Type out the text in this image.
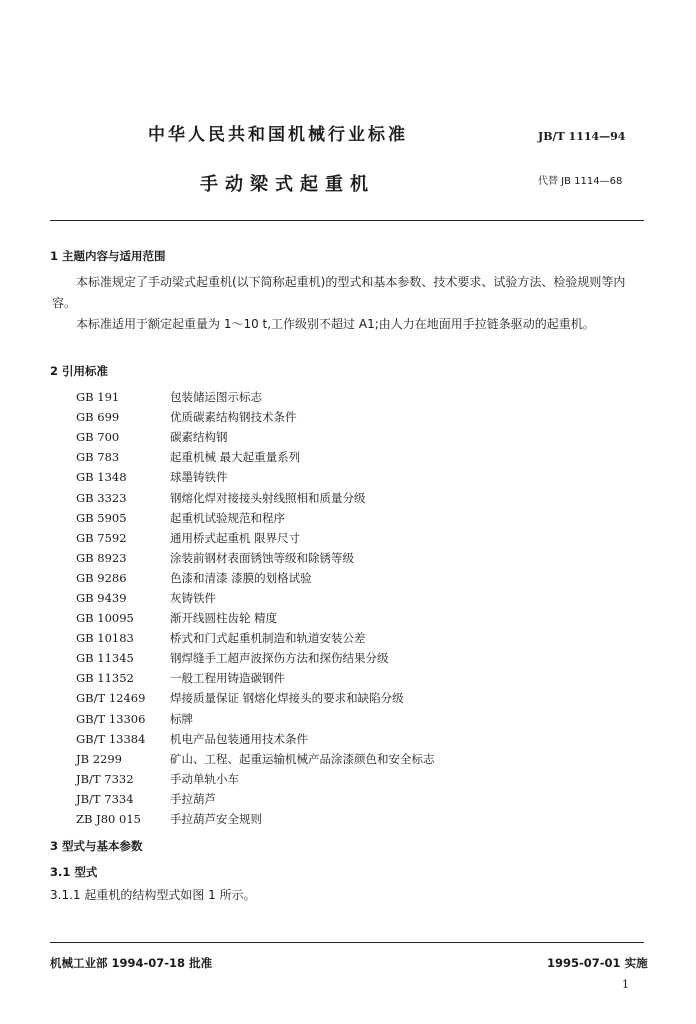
中华人民共和国机械行业标准	JB/T 1114—94
手动梁式起重机	代替 JB 1114—68
1 主题内容与适用范围
本标准规定了手动梁式起重机(以下简称起重机)的型式和基本参数、技术要求、试验方法、检验规则等内容。
本标准适用于额定起重量为 1～10 t,工作级别不超过 A1;由人力在地面用手拉链条驱动的起重机。
2 引用标准
GB 191	包装储运图示标志
GB 699	优质碳素结构钢技术条件
GB 700	碳素结构钢
GB 783	起重机械 最大起重量系列
GB 1348	球墨铸铁件
GB 3323	钢熔化焊对接接头射线照相和质量分级
GB 5905	起重机试验规范和程序
GB 7592	通用桥式起重机 限界尺寸
GB 8923	涂装前钢材表面锈蚀等级和除锈等级
GB 9286	色漆和清漆 漆膜的划格试验
GB 9439	灰铸铁件
GB 10095	渐开线圆柱齿轮 精度
GB 10183	桥式和门式起重机制造和轨道安装公差
GB 11345	钢焊缝手工超声波探伤方法和探伤结果分级
GB 11352	一般工程用铸造碳钢件
GB/T 12469	焊接质量保证 钢熔化焊接头的要求和缺陷分级
GB/T 13306	标牌
GB/T 13384	机电产品包装通用技术条件
JB 2299	矿山、工程、起重运输机械产品涂漆颜色和安全标志
JB/T 7332	手动单轨小车
JB/T 7334	手拉葫芦
ZB J80 015	手拉葫芦安全规则
3 型式与基本参数
3.1 型式
3.1.1 起重机的结构型式如图 1 所示。
机械工业部 1994-07-18 批准	1995-07-01 实施
1
